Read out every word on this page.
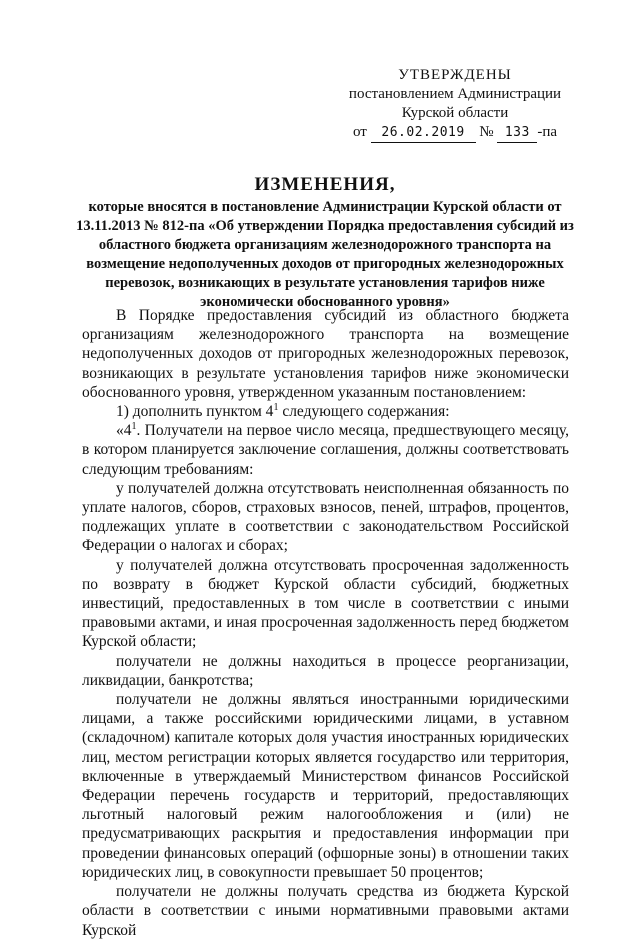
УТВЕРЖДЕНЫ
постановлением Администрации
Курской области
от 26.02.2019 № 133 -па
ИЗМЕНЕНИЯ,
которые вносятся в постановление Администрации Курской области от 13.11.2013 № 812-па «Об утверждении Порядка предоставления субсидий из областного бюджета организациям железнодорожного транспорта на возмещение недополученных доходов от пригородных железнодорожных перевозок, возникающих в результате установления тарифов ниже экономически обоснованного уровня»

В Порядке предоставления субсидий из областного бюджета организациям железнодорожного транспорта на возмещение недополученных доходов от пригородных железнодорожных перевозок, возникающих в результате установления тарифов ниже экономически обоснованного уровня, утвержденном указанным постановлением:

1) дополнить пунктом $4^1$ следующего содержания:

«$4^1$. Получатели на первое число месяца, предшествующего месяцу, в котором планируется заключение соглашения, должны соответствовать следующим требованиям:

у получателей должна отсутствовать неисполненная обязанность по уплате налогов, сборов, страховых взносов, пеней, штрафов, процентов, подлежащих уплате в соответствии с законодательством Российской Федерации о налогах и сборах;

у получателей должна отсутствовать просроченная задолженность по возврату в бюджет Курской области субсидий, бюджетных инвестиций, предоставленных в том числе в соответствии с иными правовыми актами, и иная просроченная задолженность перед бюджетом Курской области;

получатели не должны находиться в процессе реорганизации, ликвидации, банкротства;

получатели не должны являться иностранными юридическими лицами, а также российскими юридическими лицами, в уставном (складочном) капитале которых доля участия иностранных юридических лиц, местом регистрации которых является государство или территория, включенные в утверждаемый Министерством финансов Российской Федерации перечень государств и территорий, предоставляющих льготный налоговый режим налогообложения и (или) не предусматривающих раскрытия и предоставления информации при проведении финансовых операций (офшорные зоны) в отношении таких юридических лиц, в совокупности превышает 50 процентов;

получатели не должны получать средства из бюджета Курской области в соответствии с иными нормативными правовыми актами Курской
